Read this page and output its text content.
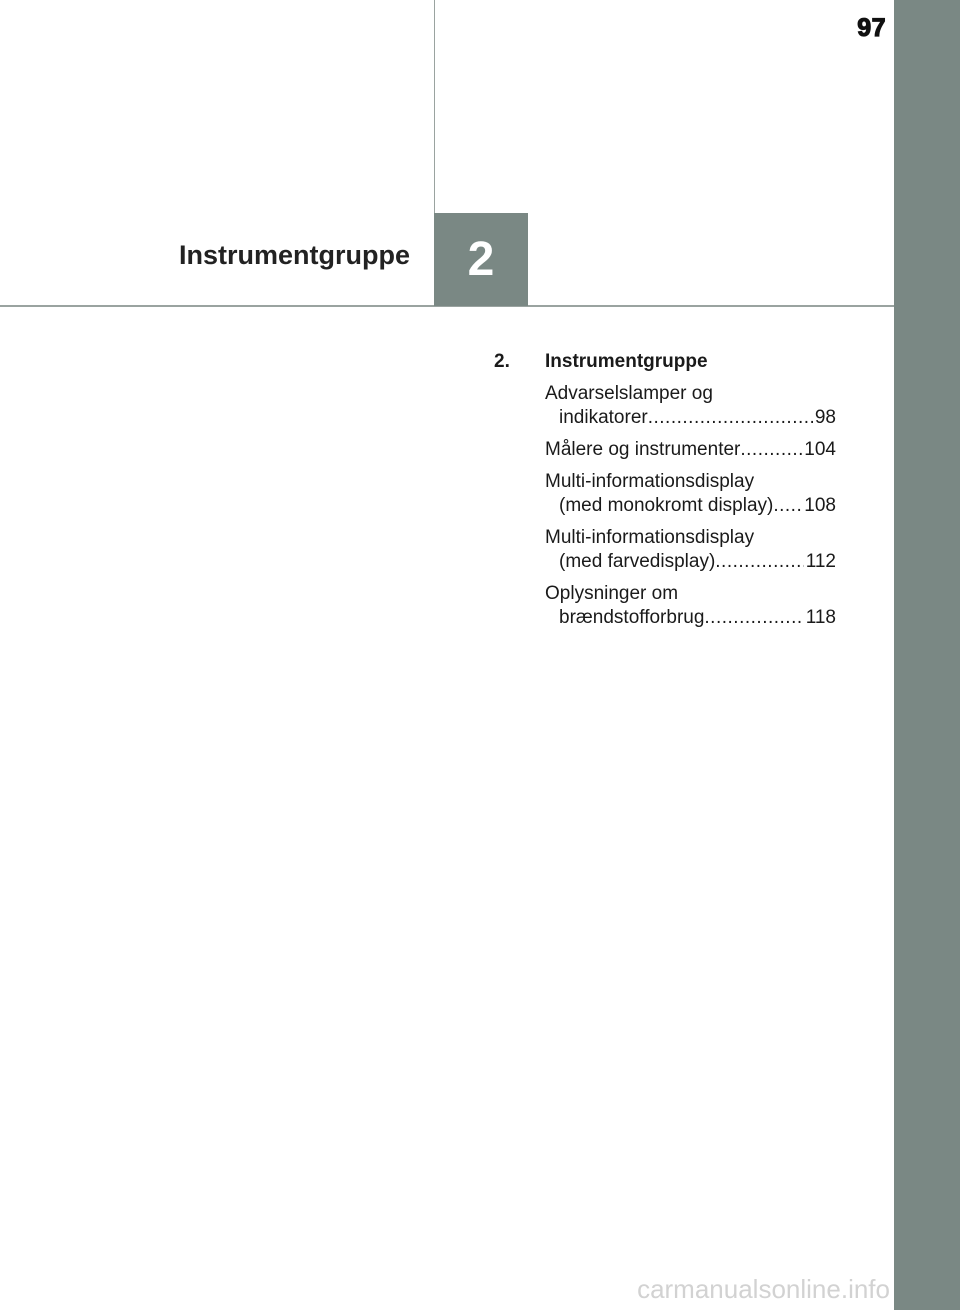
97
Instrumentgruppe 2
2.	Instrumentgruppe
Advarselslamper og
indikatorer .....	98
Målere og instrumenter .....	104
Multi-informationsdisplay
(med monokromt display) ..... 108
Multi-informationsdisplay
(med farvedisplay) .....	112
Oplysninger om
brændstofforbrug .....	118
carmanualsonline.info
